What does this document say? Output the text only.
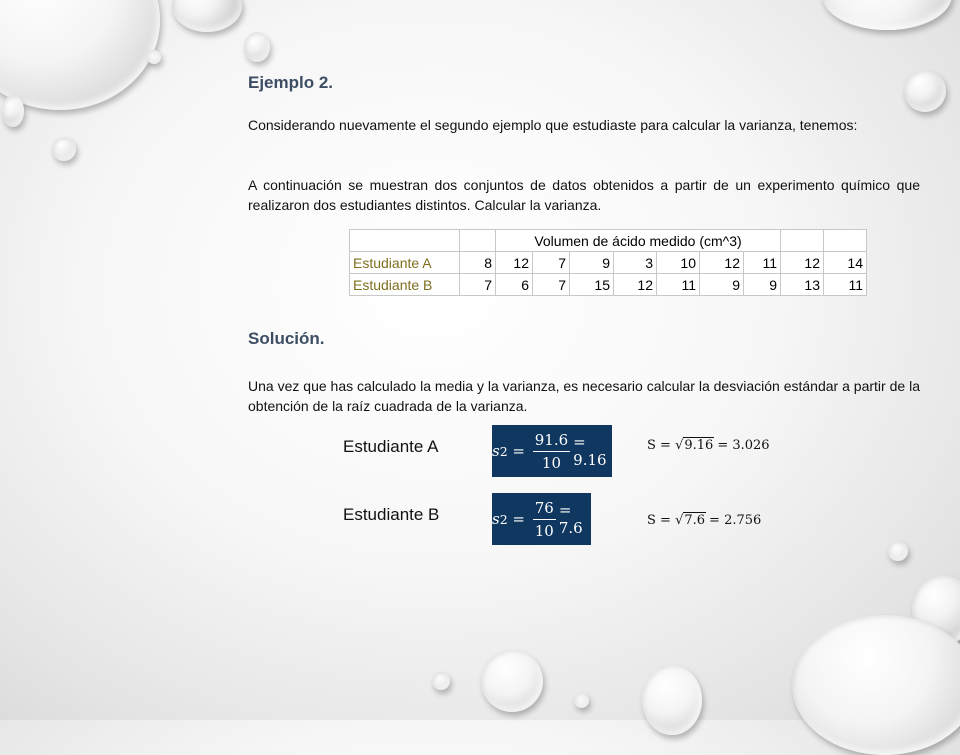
Ejemplo 2.

Considerando nuevamente el segundo ejemplo que estudiaste para calcular la varianza, tenemos:

A continuación se muestran dos conjuntos de datos obtenidos a partir de un experimento químico que realizaron dos estudiantes distintos. Calcular la varianza.

		Volumen de ácido medido (cm^3)								
Estudiante A	8	12	7	9	3	10	12	11	12	14
Estudiante B	7	6	7	15	12	11	9	9	13	11
Solución.

Una vez que has calculado la media y la varianza, es necesario calcular la desviación estándar a partir de la obtención de la raíz cuadrada de la varianza.

Estudiante A	s $2 = \frac{91.6}{10} = 9.16$
S = √ 9.16 = 3.026
Estudiante B	s $2 = \frac{76}{10} = 7.6$	S = √ 7.6 = 2.756
